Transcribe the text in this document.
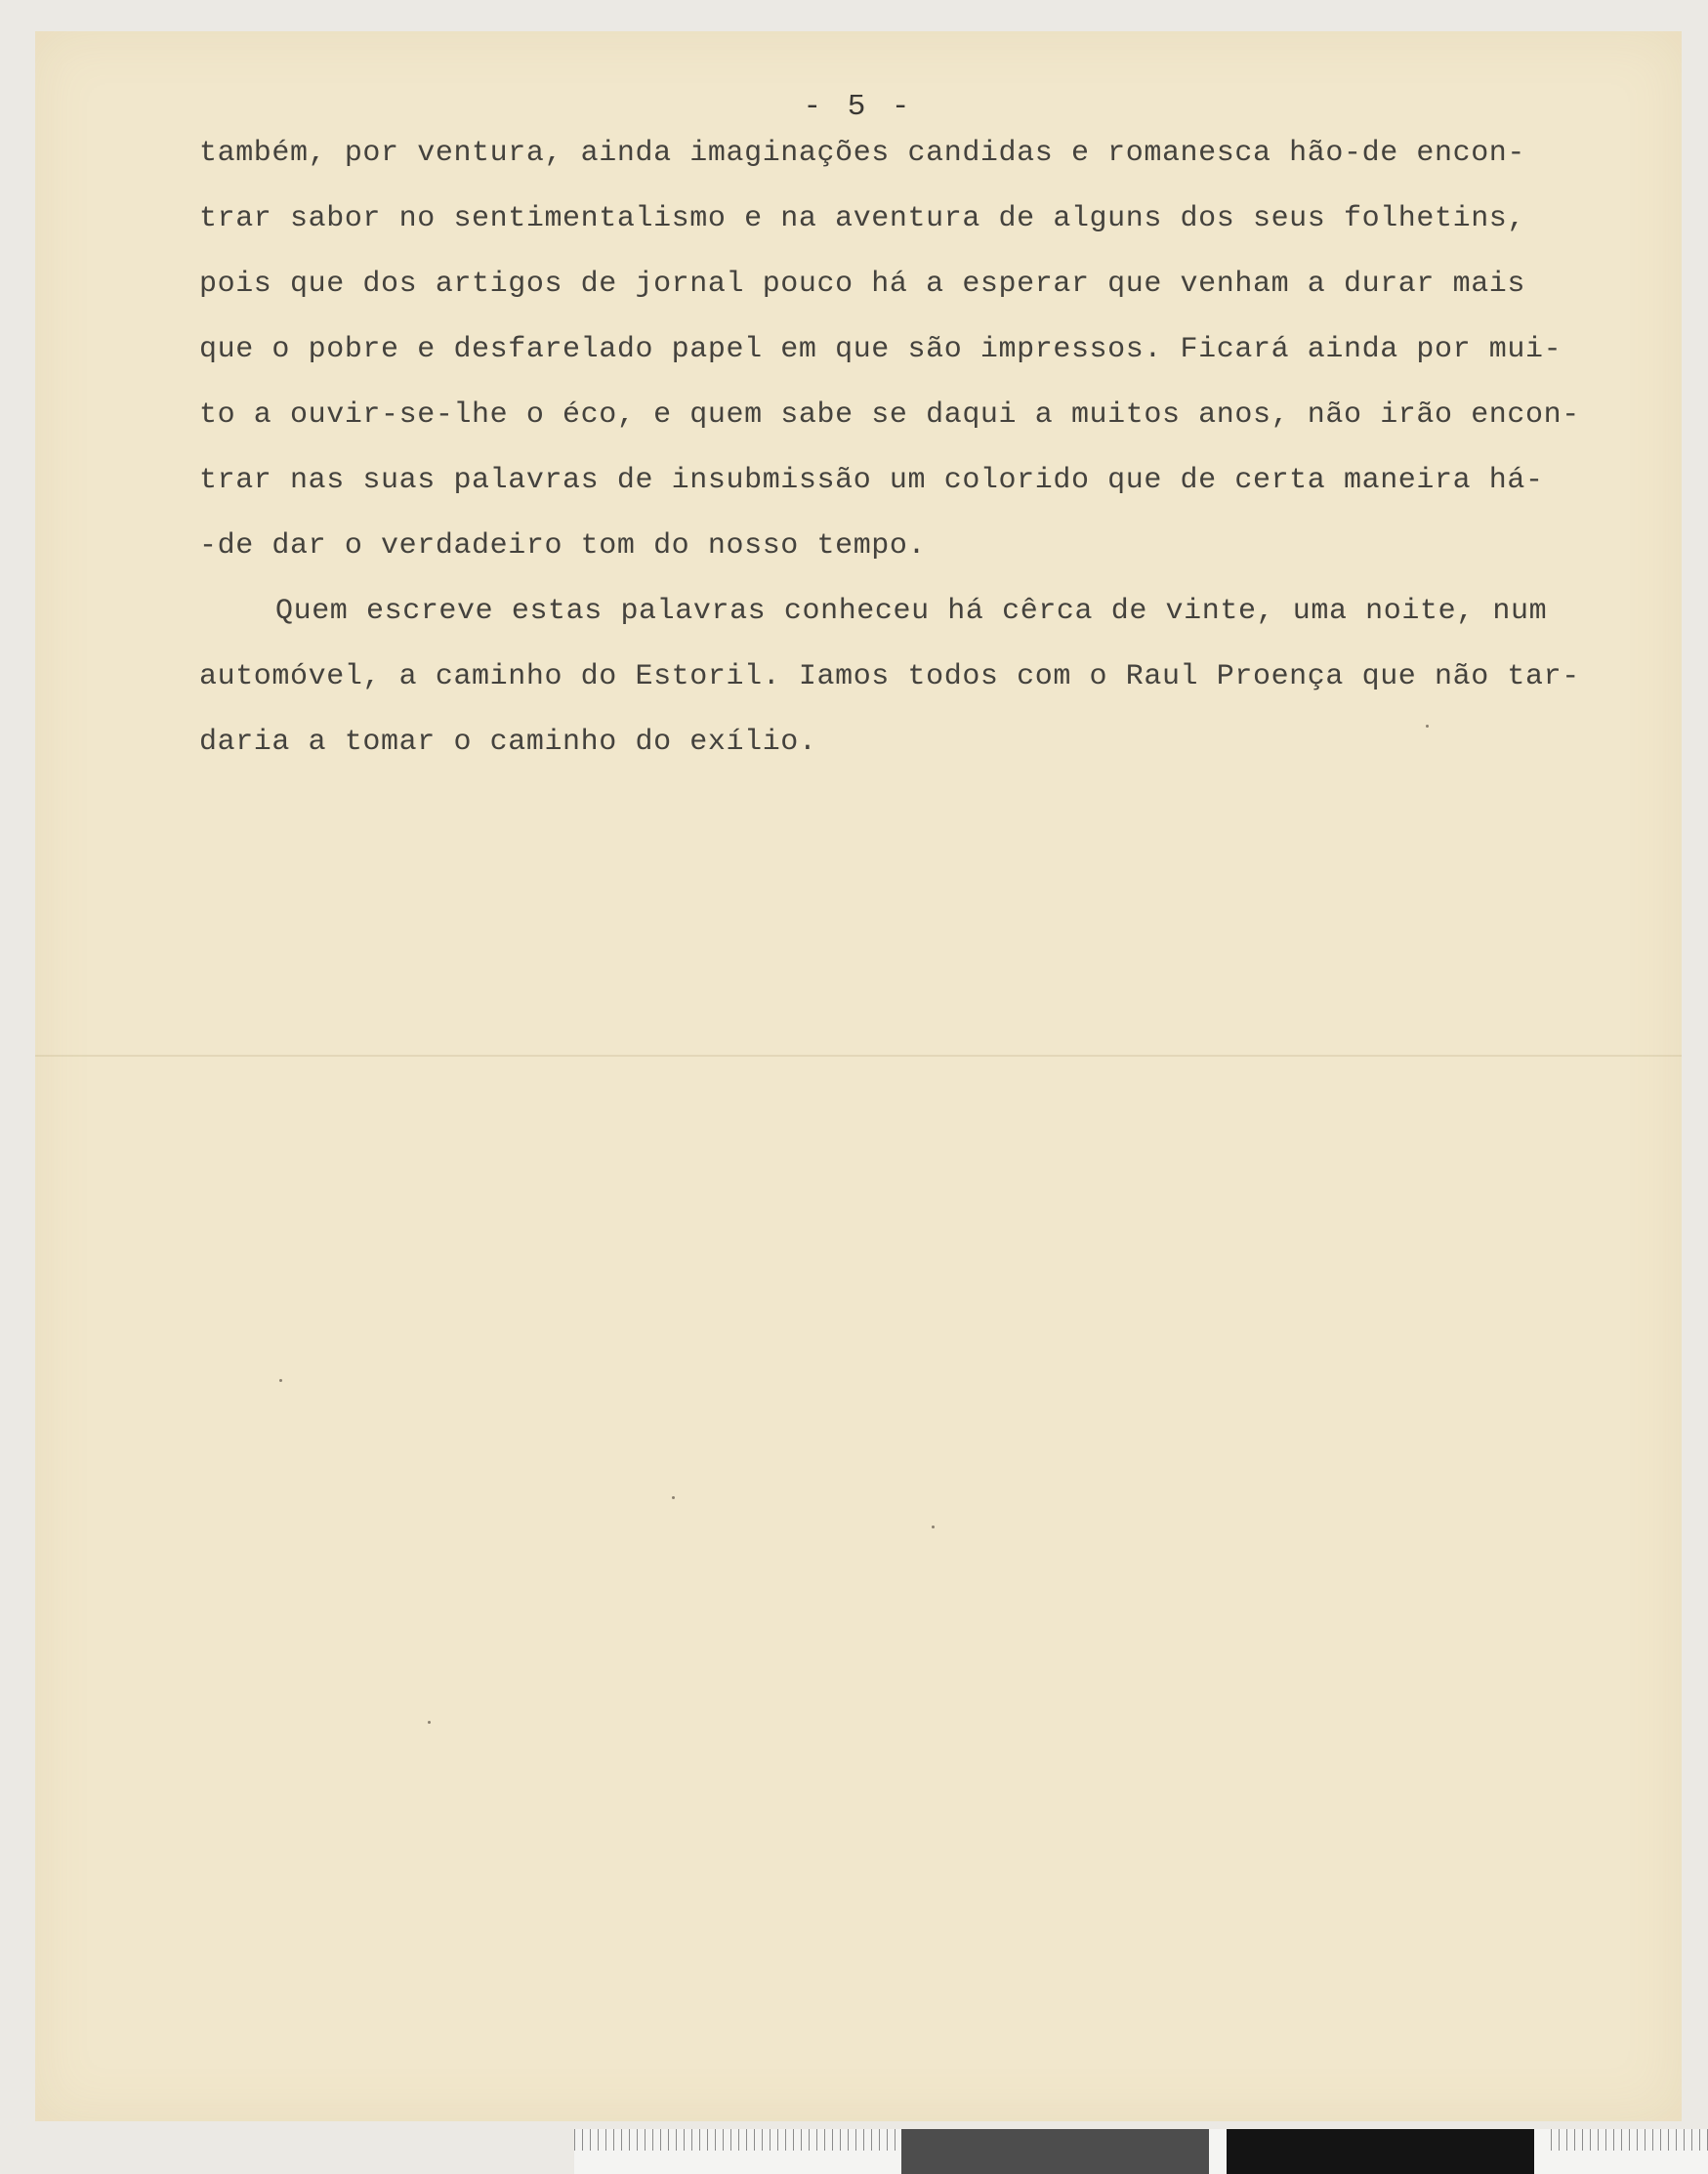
- 5 -
também, por ventura, ainda imaginações candidas e romanesca hão-de encon-
trar sabor no sentimentalismo e na aventura de alguns dos seus folhetins,
pois que dos artigos de jornal pouco há a esperar que venham a durar mais
que o pobre e desfarelado papel em que são impressos. Ficará ainda por mui-
to a ouvir-se-lhe o éco, e quem sabe se daqui a muitos anos, não irão encon-
trar nas suas palavras de insubmissão um colorido que de certa maneira há-
-de dar o verdadeiro tom do nosso tempo.
Quem escreve estas palavras conheceu há cêrca de vinte, uma noite, num
automóvel, a caminho do Estoril. Iamos todos com o Raul Proença que não tar-
daria a tomar o caminho do exílio.
